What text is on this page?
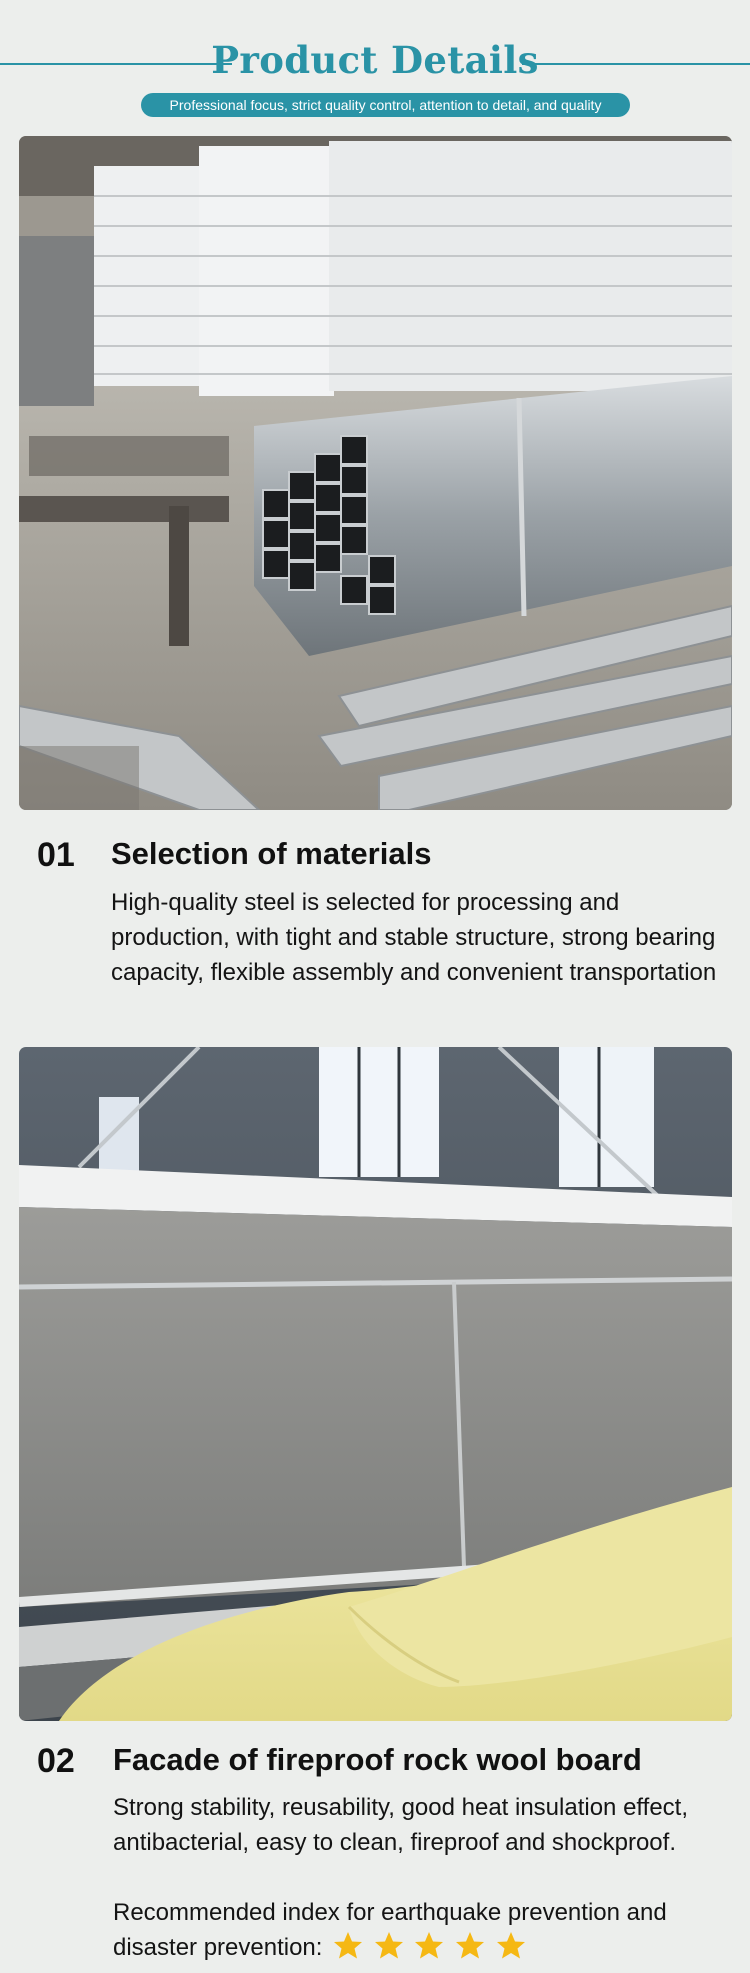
Product Details
Professional focus, strict quality control, attention to detail, and quality
01 Selection of materials
High-quality steel is selected for processing and production, with tight and stable structure, strong bearing capacity, flexible assembly and convenient transportation
02 Facade of fireproof rock wool board
Strong stability, reusability, good heat insulation effect, antibacterial, easy to clean, fireproof and shockproof.
Recommended index for earthquake prevention and disaster prevention:
